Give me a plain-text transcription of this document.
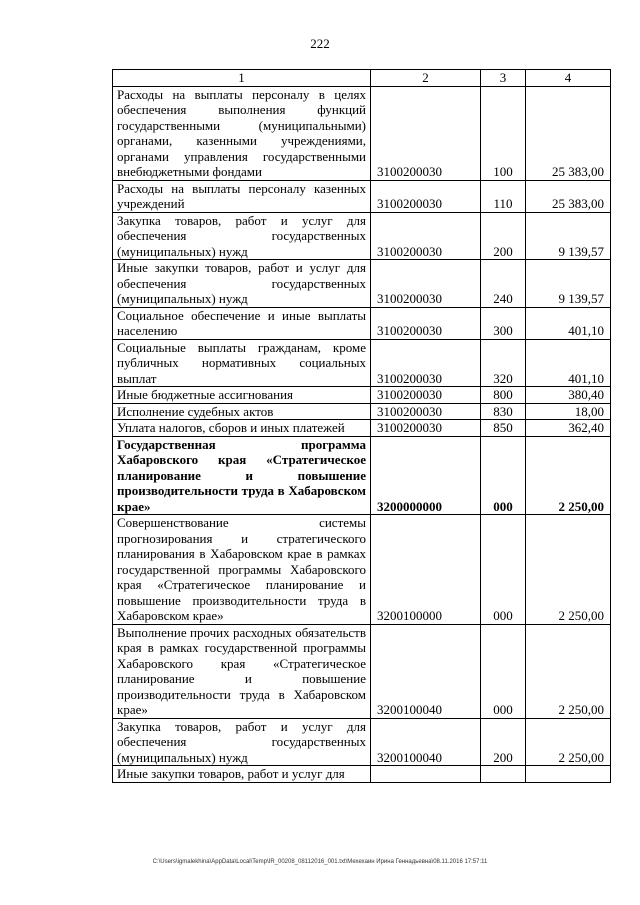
222
1	2	3	4
Расходы на выплаты персоналу в целях обеспечения выполнения функций государственными (муниципальными) органами, казенными учреждениями, органами управления государственными внебюджетными фондами	3100200030	100	25 383,00
Расходы на выплаты персоналу казенных учреждений	3100200030	110	25 383,00
Закупка товаров, работ и услуг для обеспечения государственных (муниципальных) нужд	3100200030	200	9 139,57
Иные закупки товаров, работ и услуг для обеспечения государственных (муниципальных) нужд	3100200030	240	9 139,57
Социальное обеспечение и иные выплаты населению	3100200030	300	401,10
Социальные выплаты гражданам, кроме публичных нормативных социальных выплат	3100200030	320	401,10
Иные бюджетные ассигнования	3100200030	800	380,40
Исполнение судебных актов	3100200030	830	18,00
Уплата налогов, сборов и иных платежей	3100200030	850	362,40
Государственная программа Хабаровского края «Стратегическое планирование и повышение производительности труда в Хабаровском крае»	3200000000	000	2 250,00
Совершенствование системы прогнозирования и стратегического планирования в Хабаровском крае в рамках государственной программы Хабаровского края «Стратегическое планирование и повышение производительности труда в Хабаровском крае»	3200100000	000	2 250,00
Выполнение прочих расходных обязательств края в рамках государственной программы Хабаровского края «Стратегическое планирование и повышение производительности труда в Хабаровском крае»	3200100040	000	2 250,00
Закупка товаров, работ и услуг для обеспечения государственных (муниципальных) нужд	3200100040	200	2 250,00
Иные закупки товаров, работ и услуг для			
C:\Users\igmalekhina\AppData\Local\Temp\IR_00208_08112016_001.txt\Мехехаин Ирина Геннадьевна\08.11.2016 17:57:11
